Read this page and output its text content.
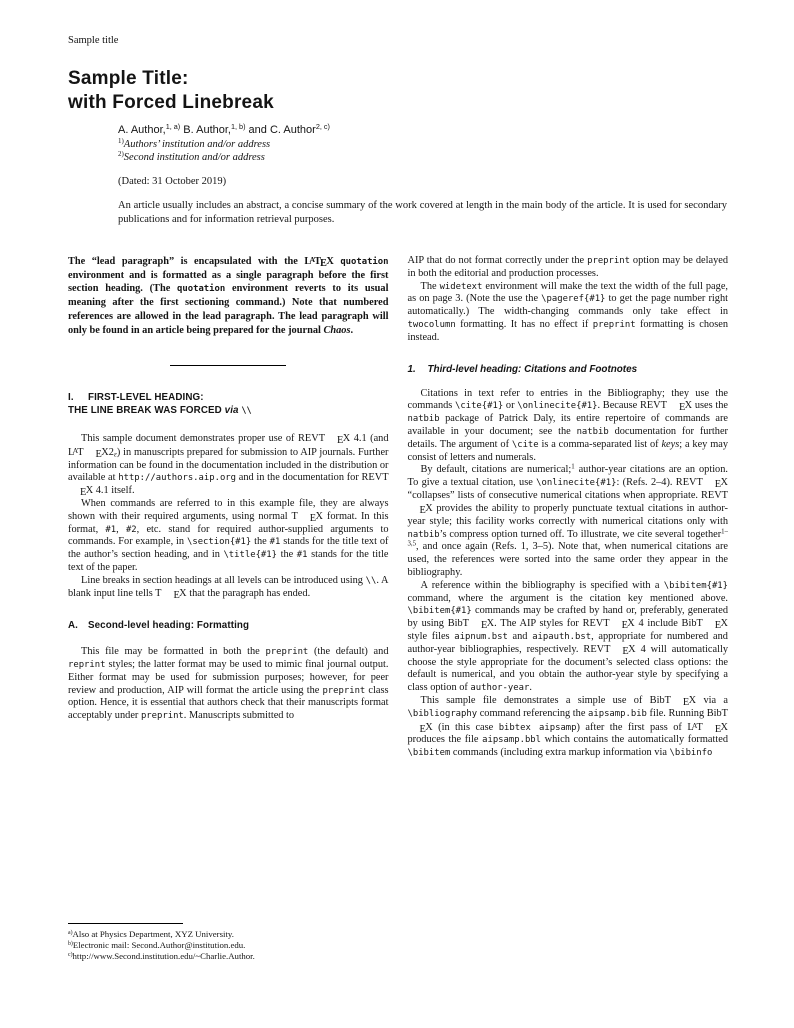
Sample title
Sample Title:
with Forced Linebreak
A. Author,$^{1, a)}$ B. Author,$^{1, b)}$ and C. Author$^{2, c)}$
$^{1)}$Authors’ institution and/or address
$^{2)}$Second institution and/or address
(Dated: 31 October 2019)
An article usually includes an abstract, a concise summary of the work covered at length in the main body of the article. It is used for secondary publications and for information retrieval purposes.

The “lead paragraph” is encapsulated with the LATEX quotation environment and is formatted as a single paragraph before the first section heading. (The quotation environment reverts to its usual meaning after the first sectioning command.) Note that numbered references are allowed in the lead paragraph. The lead paragraph will only be found in an article being prepared for the journal Chaos.

I. FIRST-LEVEL HEADING:
THE LINE BREAK WAS FORCED via \\

This sample document demonstrates proper use of REVT EX 4.1 (and LAT EX2ε) in manuscripts prepared for submission to AIP journals. Further information can be found in the documentation included in the distribution or available at http://authors.aip.org and in the documentation for REVTEX 4.1 itself.

When commands are referred to in this example file, they are always shown with their required arguments, using normal T EX format. In this format, #1, #2, etc. stand for required author-supplied arguments to commands. For example, in \section{#1} the #1 stands for the title text of the author’s section heading, and in \title{#1} the #1 stands for the title text of the paper.

Line breaks in section headings at all levels can be introduced using \\. A blank input line tells T EX that the paragraph has ended.

A. Second-level heading: Formatting

This file may be formatted in both the preprint (the default) and reprint styles; the latter format may be used to mimic final journal output. Either format may be used for submission purposes; however, for peer review and production, AIP will format the article using the preprint class option. Hence, it is essential that authors check that their manuscripts format acceptably under preprint. Manuscripts submitted to

$^{a)}$Also at Physics Department, XYZ University.
$^{b)}$Electronic mail: Second.Author@institution.edu.
$^{c)}$http://www.Second.institution.edu/~Charlie.Author.

AIP that do not format correctly under the preprint option may be delayed in both the editorial and production processes.

The widetext environment will make the text the width of the full page, as on page 3. (Note the use the \pageref{#1} to get the page number right automatically.) The width-changing commands only take effect in twocolumn formatting. It has no effect if preprint formatting is chosen instead.

1. Third-level heading: Citations and Footnotes

Citations in text refer to entries in the Bibliography; they use the commands \cite{#1} or \onlinecite{#1}. Because REVT EX uses the natbib package of Patrick Daly, its entire repertoire of commands are available in your document; see the natbib documentation for further details. The argument of \cite is a comma-separated list of keys; a key may consist of letters and numerals.

By default, citations are numerical;$^1$ author-year citations are an option. To give a textual citation, use \onlinecite{#1}: (Refs. 2–4). REVT EX “collapses” lists of consecutive numerical citations when appropriate. REVTEX provides the ability to properly punctuate textual citations in author-year style; this facility works correctly with numerical citations only with natbib’s compress option turned off. To illustrate, we cite several together$^{1-3,5}$, and once again (Refs. 1, 3–5). Note that, when numerical citations are used, the references were sorted into the same order they appear in the bibliography.

A reference within the bibliography is specified with a \bibitem{#1} command, where the argument is the citation key mentioned above. \bibitem{#1} commands may be crafted by hand or, preferably, generated by using BibT EX. The AIP styles for REVT EX 4 include BibT EX style files aipnum.bst and aipauth.bst, appropriate for numbered and author-year bibliographies, respectively. REVT EX 4 will automatically choose the style appropriate for the document’s selected class options: the default is numerical, and you obtain the author-year style by specifying a class option of author-year.

This sample file demonstrates a simple use of BibT EX via a \bibliography command referencing the aipsamp.bib file. Running BibTEX (in this case bibtex aipsamp) after the first pass of LAT EX produces the file aipsamp.bbl which contains the automatically formatted \bibitem commands (including extra markup information via \bibinfo
